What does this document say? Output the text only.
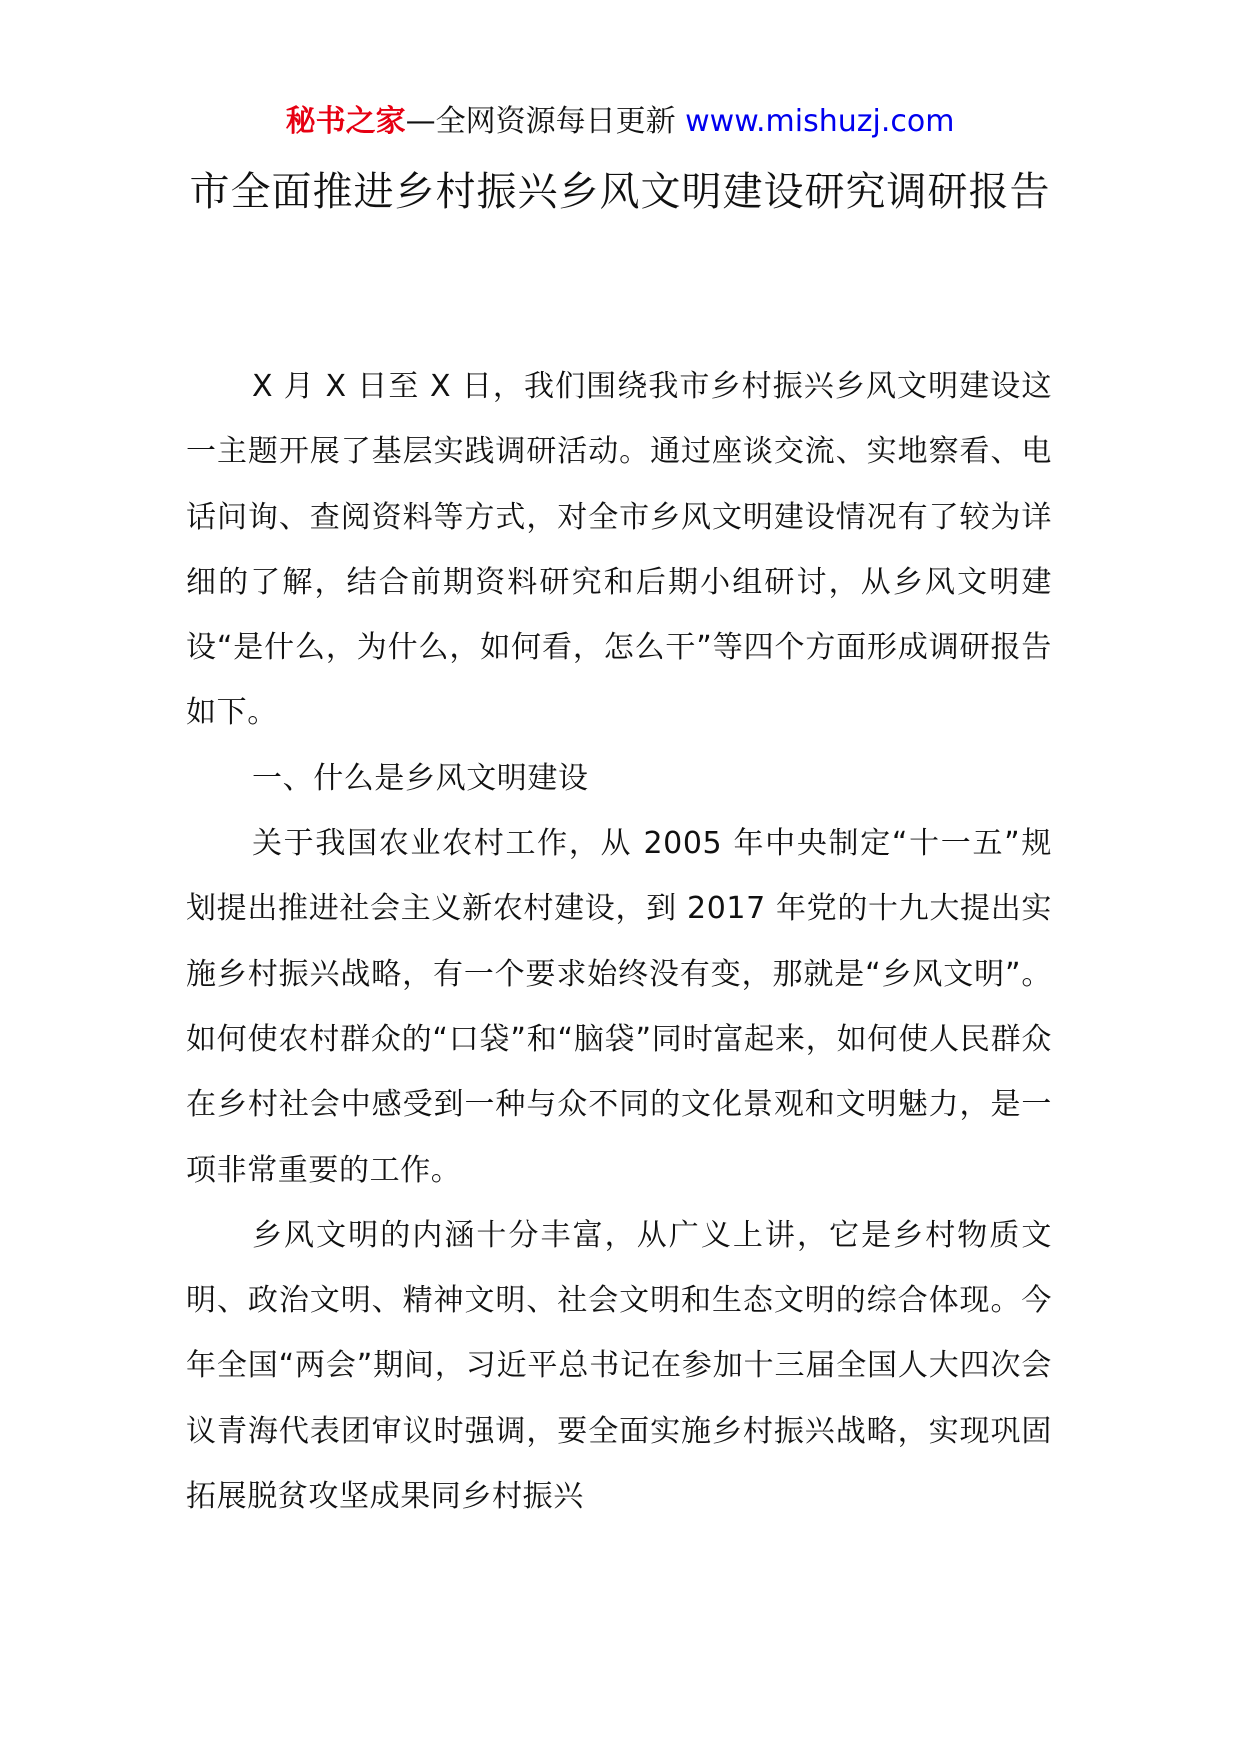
秘书之家—全网资源每日更新 www.mishuzj.com
市全面推进乡村振兴乡风文明建设研究调研报告

X 月 X 日至 X 日，我们围绕我市乡村振兴乡风文明建设这一主题开展了基层实践调研活动。通过座谈交流、实地察看、电话问询、查阅资料等方式，对全市乡风文明建设情况有了较为详细的了解，结合前期资料研究和后期小组研讨，从乡风文明建设“是什么，为什么，如何看，怎么干”等四个方面形成调研报告如下。

一、什么是乡风文明建设

关于我国农业农村工作，从 2005 年中央制定“十一五”规划提出推进社会主义新农村建设，到 2017 年党的十九大提出实施乡村振兴战略，有一个要求始终没有变，那就是“乡风文明”。如何使农村群众的“口袋”和“脑袋”同时富起来，如何使人民群众在乡村社会中感受到一种与众不同的文化景观和文明魅力，是一项非常重要的工作。

乡风文明的内涵十分丰富，从广义上讲，它是乡村物质文明、政治文明、精神文明、社会文明和生态文明的综合体现。今年全国“两会”期间，习近平总书记在参加十三届全国人大四次会议青海代表团审议时强调，要全面实施乡村振兴战略，实现巩固拓展脱贫攻坚成果同乡村振兴
